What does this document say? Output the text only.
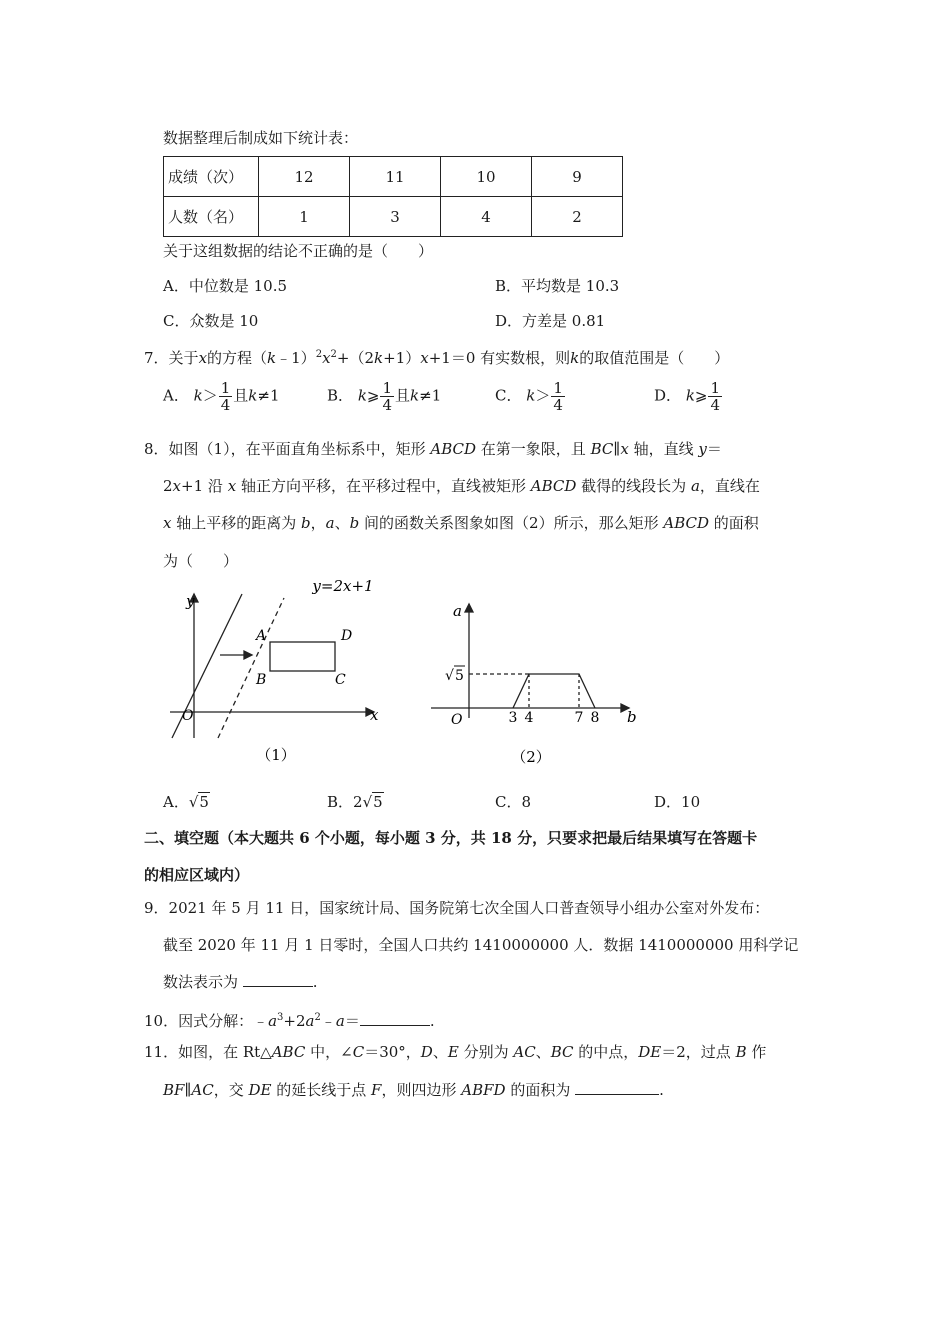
数据整理后制成如下统计表：
成绩（次）	12	11	10	9
人数（名）	1	3	4	2
关于这组数据的结论不正确的是（　　）
A．中位数是 10.5	B．平均数是 10.3
C．众数是 10	D．方差是 0.81
7．关于x的方程$(k﹣1)^2x^2+(2k+1)x+1=0$ 有实数根，则k的取值范围是（　　）
A． $k> \frac{1}{4}$ 且k≠1	B． k⩾ $\frac{1}{4}$ 且k≠1	C． $k> \frac{1}{4}$	D． k⩾ $\frac{1}{4}$
8．如图（1），在平面直角坐标系中，矩形 ABCD 在第一象限，且 BC∥x 轴，直线 y＝
2x+1 沿 x 轴正方向平移，在平移过程中，直线被矩形 ABCD 截得的线段长为 a，直线在
x 轴上平移的距离为 b，a、b 间的函数关系图象如图（2）所示，那么矩形 ABCD 的面积
为（　　）
y=2x+1
y
x
O
A	D
B	C
（1）
a
√ 5
O	3 4	7 8 b
（2）
A．√5	B．2√5	C．8	D．10
二、填空题（本大题共 6 个小题，每小题 3 分，共 18 分，只要求把最后结果填写在答题卡
的相应区域内）
9．2021 年 5 月 11 日，国家统计局、国务院第七次全国人口普查领导小组办公室对外发布：
截至 2020 年 11 月 1 日零时，全国人口共约 1410000000 人．数据 1410000000 用科学记
数法表示为	.
10．因式分解：$﹣a^3+2a^2﹣a=$	.
11．如图，在 Rt△ABC 中，∠C＝30°，D、E 分别为 AC、BC 的中点，DE＝2，过点 B 作
BF∥AC，交 DE 的延长线于点 F，则四边形 ABFD 的面积为	.
